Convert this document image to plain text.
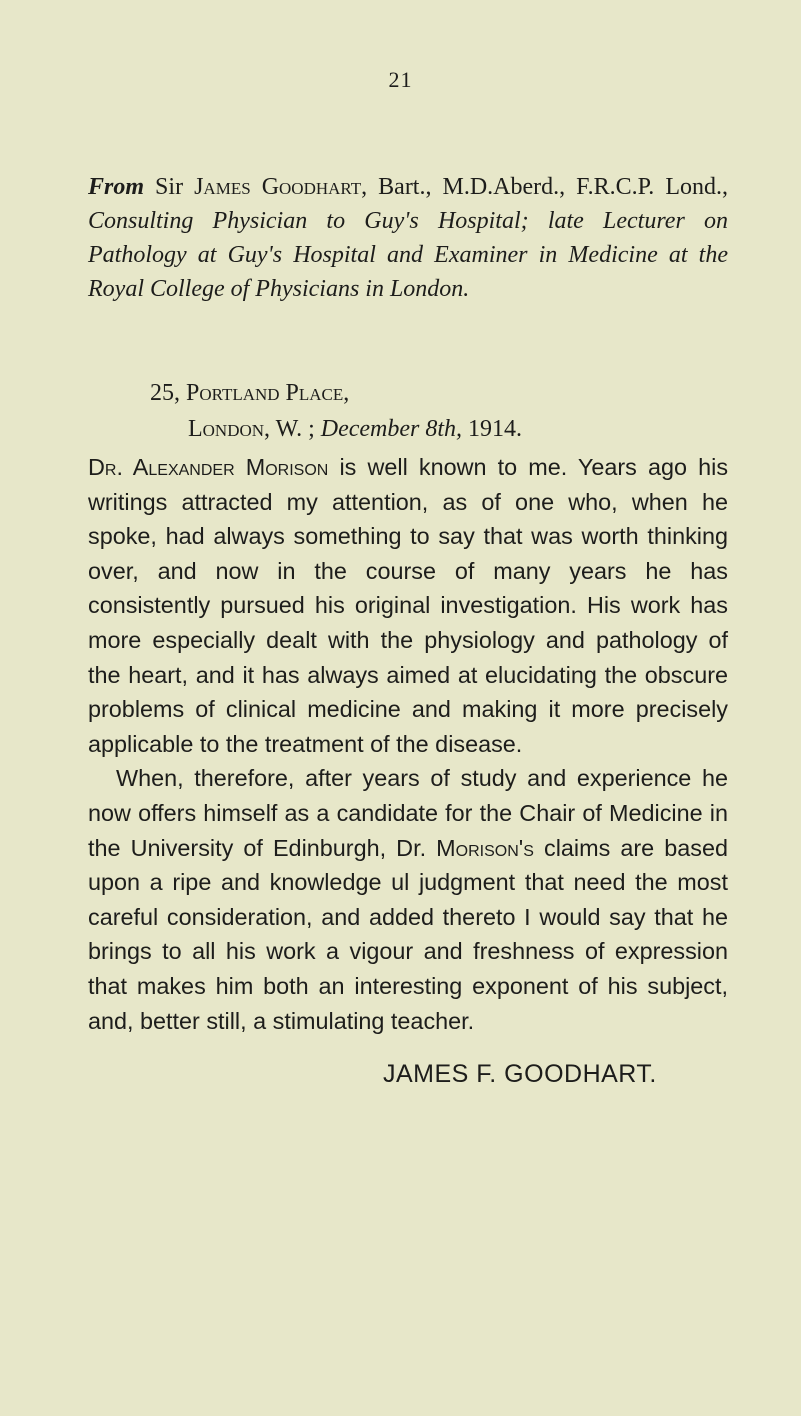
21
From Sir James Goodhart, Bart., M.D.Aberd., F.R.C.P. Lond., Consulting Physician to Guy's Hospital; late Lecturer on Pathology at Guy's Hospital and Examiner in Medicine at the Royal College of Physicians in London.
25, Portland Place,
London, W. ; December 8th, 1914.

Dr. Alexander Morison is well known to me. Years ago his writings attracted my attention, as of one who, when he spoke, had always something to say that was worth thinking over, and now in the course of many years he has consistently pursued his original investigation. His work has more especially dealt with the physiology and pathology of the heart, and it has always aimed at elucidating the obscure problems of clinical medicine and making it more precisely applicable to the treatment of the disease.

When, therefore, after years of study and experience he now offers himself as a candidate for the Chair of Medicine in the University of Edinburgh, Dr. Morison's claims are based upon a ripe and knowledge ul judgment that need the most careful consideration, and added thereto I would say that he brings to all his work a vigour and freshness of expression that makes him both an interesting exponent of his subject, and, better still, a stimulating teacher.

JAMES F. GOODHART.
